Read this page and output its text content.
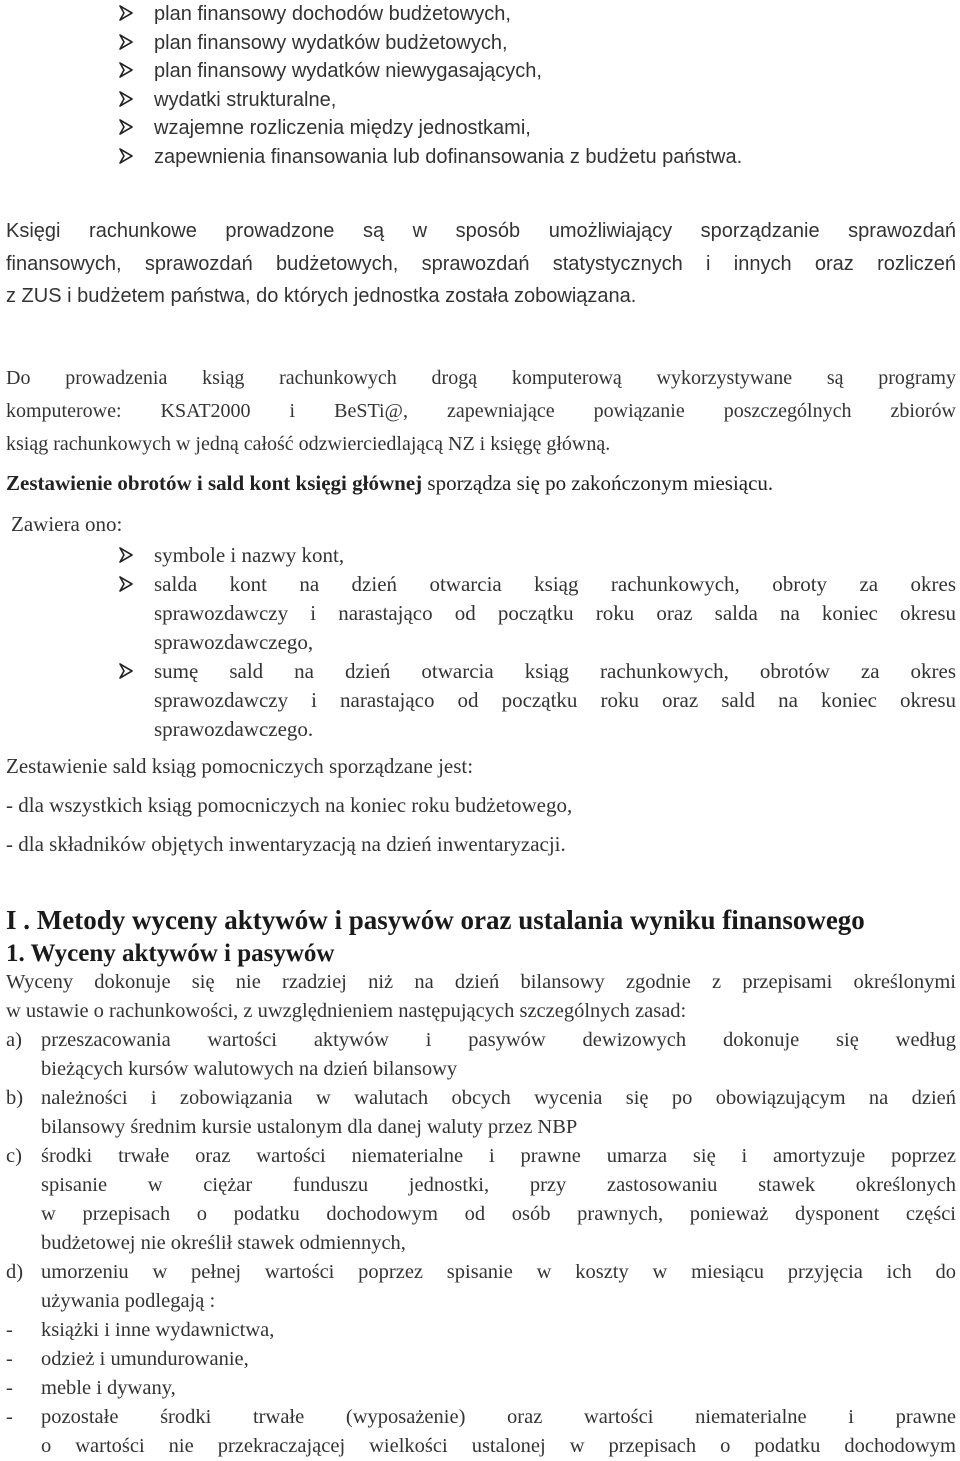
plan finansowy dochodów budżetowych,
plan finansowy wydatków budżetowych,
plan finansowy wydatków niewygasających,
wydatki strukturalne,
wzajemne rozliczenia między jednostkami,
zapewnienia finansowania lub dofinansowania z budżetu państwa.
Księgi rachunkowe prowadzone są w sposób umożliwiający sporządzanie sprawozdań
finansowych, sprawozdań budżetowych, sprawozdań statystycznych i innych oraz rozliczeń
z ZUS i budżetem państwa, do których jednostka została zobowiązana.
Do prowadzenia ksiąg rachunkowych drogą komputerową wykorzystywane są programy
komputerowe: KSAT2000 i BeSTi@, zapewniające powiązanie poszczególnych zbiorów
ksiąg rachunkowych w jedną całość odzwierciedlającą NZ i księgę główną.
Zestawienie obrotów i sald kont księgi głównej sporządza się po zakończonym miesiącu.
Zawiera ono:
symbole i nazwy kont,
salda kont na dzień otwarcia ksiąg rachunkowych, obroty za okres
sprawozdawczy i narastająco od początku roku oraz salda na koniec okresu
sprawozdawczego,
sumę sald na dzień otwarcia ksiąg rachunkowych, obrotów za okres
sprawozdawczy i narastająco od początku roku oraz sald na koniec okresu
sprawozdawczego.
Zestawienie sald ksiąg pomocniczych sporządzane jest:
- dla wszystkich ksiąg pomocniczych na koniec roku budżetowego,
- dla składników objętych inwentaryzacją na dzień inwentaryzacji.
I . Metody wyceny aktywów i pasywów oraz ustalania wyniku finansowego
1. Wyceny aktywów i pasywów
Wyceny dokonuje się nie rzadziej niż na dzień bilansowy zgodnie z przepisami określonymi
w ustawie o rachunkowości, z uwzględnieniem następujących szczególnych zasad:
a) przeszacowania wartości aktywów i pasywów dewizowych dokonuje się według
bieżących kursów walutowych na dzień bilansowy
b) należności i zobowiązania w walutach obcych wycenia się po obowiązującym na dzień
bilansowy średnim kursie ustalonym dla danej waluty przez NBP
c) środki trwałe oraz wartości niematerialne i prawne umarza się i amortyzuje poprzez
spisanie w ciężar funduszu jednostki, przy zastosowaniu stawek określonych
w przepisach o podatku dochodowym od osób prawnych, ponieważ dysponent części
budżetowej nie określił stawek odmiennych,
d) umorzeniu w pełnej wartości poprzez spisanie w koszty w miesiącu przyjęcia ich do
używania podlegają :
- książki i inne wydawnictwa,
- odzież i umundurowanie,
- meble i dywany,
- pozostałe środki trwałe (wyposażenie) oraz wartości niematerialne i prawne
o wartości nie przekraczającej wielkości ustalonej w przepisach o podatku dochodowym
